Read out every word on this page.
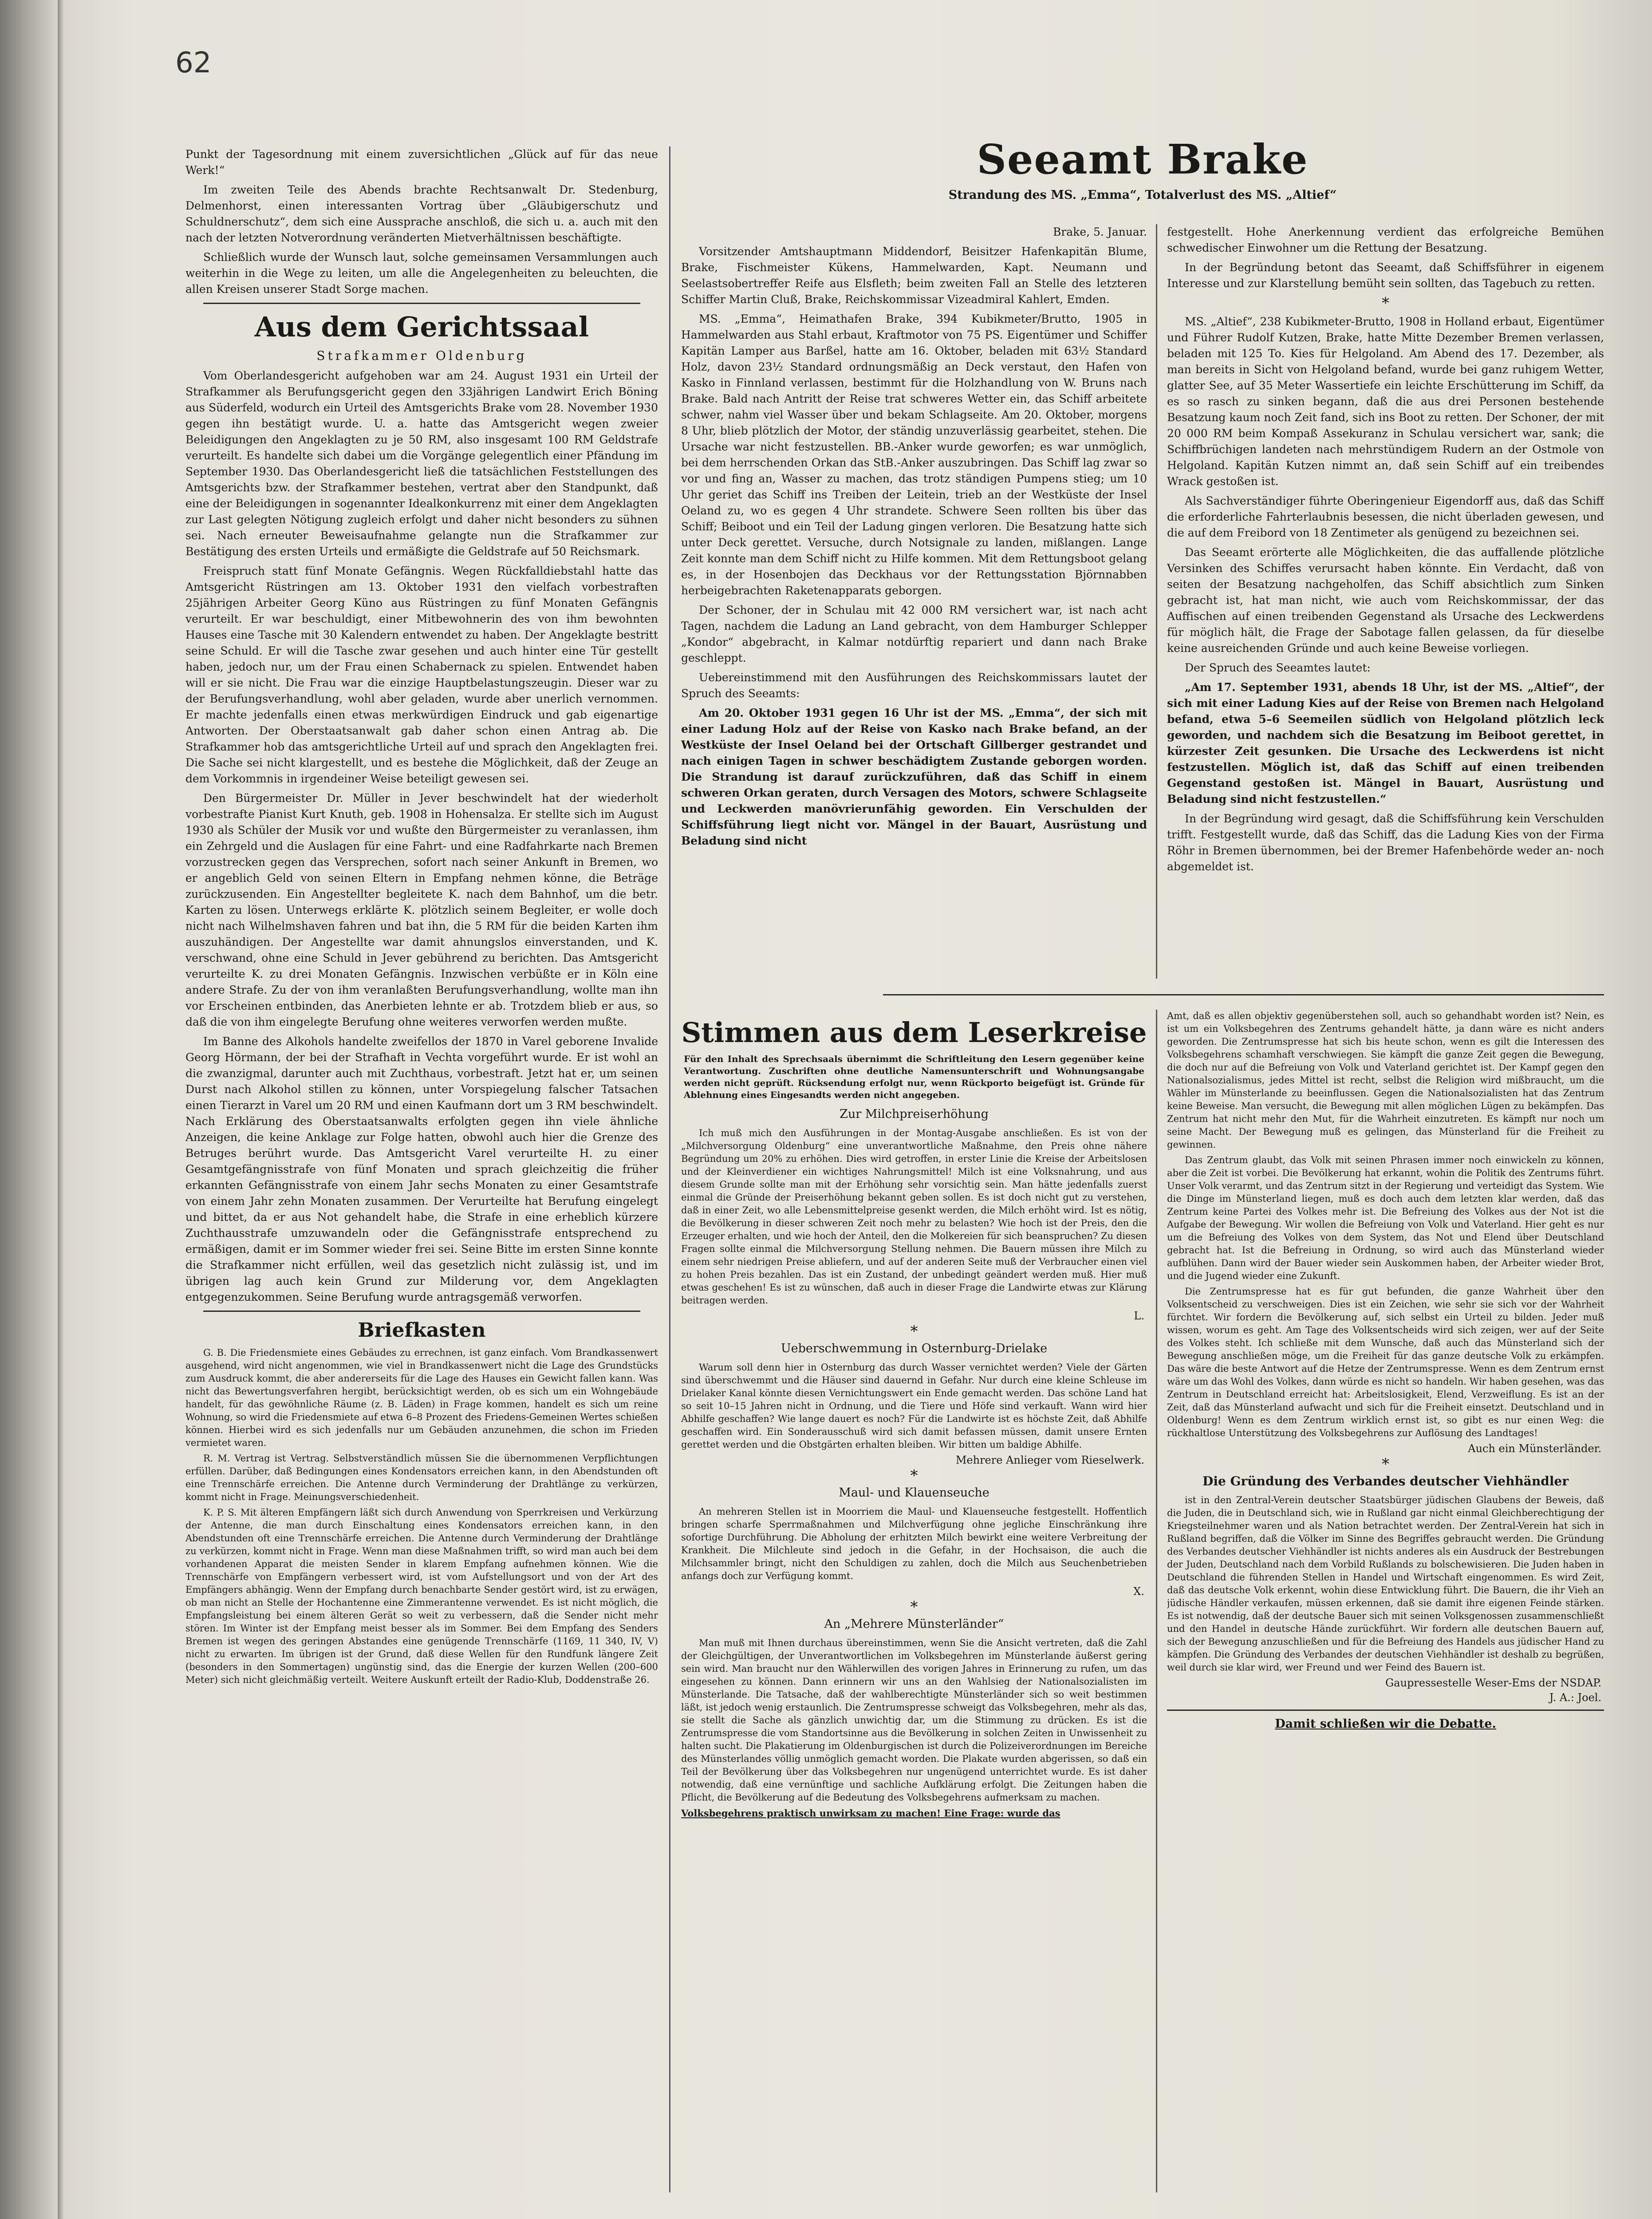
62

Punkt der Tagesordnung mit einem zuversichtlichen „Glück auf für das neue Werk!“

Im zweiten Teile des Abends brachte Rechtsanwalt Dr. Stedenburg, Delmenhorst, einen interessanten Vortrag über „Gläubigerschutz und Schuldnerschutz“, dem sich eine Aussprache anschloß, die sich u. a. auch mit den nach der letzten Notverordnung veränderten Mietverhältnissen beschäftigte.

Schließlich wurde der Wunsch laut, solche gemeinsamen Versammlungen auch weiterhin in die Wege zu leiten, um alle die Angelegenheiten zu beleuchten, die allen Kreisen unserer Stadt Sorge machen.

Aus dem Gerichtssaal
Strafkammer Oldenburg

Vom Oberlandesgericht aufgehoben war am 24. August 1931 ein Urteil der Strafkammer als Berufungsgericht gegen den 33jährigen Landwirt Erich Böning aus Süderfeld, wodurch ein Urteil des Amtsgerichts Brake vom 28. November 1930 gegen ihn bestätigt wurde. U. a. hatte das Amtsgericht wegen zweier Beleidigungen den Angeklagten zu je 50 RM, also insgesamt 100 RM Geldstrafe verurteilt. Es handelte sich dabei um die Vorgänge gelegentlich einer Pfändung im September 1930. Das Oberlandesgericht ließ die tatsächlichen Feststellungen des Amtsgerichts bzw. der Strafkammer bestehen, vertrat aber den Standpunkt, daß eine der Beleidigungen in sogenannter Idealkonkurrenz mit einer dem Angeklagten zur Last gelegten Nötigung zugleich erfolgt und daher nicht besonders zu sühnen sei. Nach erneuter Beweisaufnahme gelangte nun die Strafkammer zur Bestätigung des ersten Urteils und ermäßigte die Geldstrafe auf 50 Reichsmark.

Freispruch statt fünf Monate Gefängnis. Wegen Rückfalldiebstahl hatte das Amtsgericht Rüstringen am 13. Oktober 1931 den vielfach vorbestraften 25jährigen Arbeiter Georg Küno aus Rüstringen zu fünf Monaten Gefängnis verurteilt. Er war beschuldigt, einer Mitbewohnerin des von ihm bewohnten Hauses eine Tasche mit 30 Kalendern entwendet zu haben. Der Angeklagte bestritt seine Schuld. Er will die Tasche zwar gesehen und auch hinter eine Tür gestellt haben, jedoch nur, um der Frau einen Schabernack zu spielen. Entwendet haben will er sie nicht. Die Frau war die einzige Hauptbelastungszeugin. Dieser war zu der Berufungsverhandlung, wohl aber geladen, wurde aber unerlich vernommen. Er machte jedenfalls einen etwas merkwürdigen Eindruck und gab eigenartige Antworten. Der Oberstaatsanwalt gab daher schon einen Antrag ab. Die Strafkammer hob das amtsgerichtliche Urteil auf und sprach den Angeklagten frei. Die Sache sei nicht klargestellt, und es bestehe die Möglichkeit, daß der Zeuge an dem Vorkommnis in irgendeiner Weise beteiligt gewesen sei.

Den Bürgermeister Dr. Müller in Jever beschwindelt hat der wiederholt vorbestrafte Pianist Kurt Knuth, geb. 1908 in Hohensalza. Er stellte sich im August 1930 als Schüler der Musik vor und wußte den Bürgermeister zu veranlassen, ihm ein Zehrgeld und die Auslagen für eine Fahrt- und eine Radfahrkarte nach Bremen vorzustrecken gegen das Versprechen, sofort nach seiner Ankunft in Bremen, wo er angeblich Geld von seinen Eltern in Empfang nehmen könne, die Beträge zurückzusenden. Ein Angestellter begleitete K. nach dem Bahnhof, um die betr. Karten zu lösen. Unterwegs erklärte K. plötzlich seinem Begleiter, er wolle doch nicht nach Wilhelmshaven fahren und bat ihn, die 5 RM für die beiden Karten ihm auszuhändigen. Der Angestellte war damit ahnungslos einverstanden, und K. verschwand, ohne eine Schuld in Jever gebührend zu berichten. Das Amtsgericht verurteilte K. zu drei Monaten Gefängnis. Inzwischen verbüßte er in Köln eine andere Strafe. Zu der von ihm veranlaßten Berufungsverhandlung, wollte man ihn vor Erscheinen entbinden, das Anerbieten lehnte er ab. Trotzdem blieb er aus, so daß die von ihm eingelegte Berufung ohne weiteres verworfen werden mußte.

Im Banne des Alkohols handelte zweifellos der 1870 in Varel geborene Invalide Georg Hörmann, der bei der Strafhaft in Vechta vorgeführt wurde. Er ist wohl an die zwanzigmal, darunter auch mit Zuchthaus, vorbestraft. Jetzt hat er, um seinen Durst nach Alkohol stillen zu können, unter Vorspiegelung falscher Tatsachen einen Tierarzt in Varel um 20 RM und einen Kaufmann dort um 3 RM beschwindelt. Nach Erklärung des Oberstaatsanwalts erfolgten gegen ihn viele ähnliche Anzeigen, die keine Anklage zur Folge hatten, obwohl auch hier die Grenze des Betruges berührt wurde. Das Amtsgericht Varel verurteilte H. zu einer Gesamtgefängnisstrafe von fünf Monaten und sprach gleichzeitig die früher erkannten Gefängnisstrafe von einem Jahr sechs Monaten zu einer Gesamtstrafe von einem Jahr zehn Monaten zusammen. Der Verurteilte hat Berufung eingelegt und bittet, da er aus Not gehandelt habe, die Strafe in eine erheblich kürzere Zuchthausstrafe umzuwandeln oder die Gefängnisstrafe entsprechend zu ermäßigen, damit er im Sommer wieder frei sei. Seine Bitte im ersten Sinne konnte die Strafkammer nicht erfüllen, weil das gesetzlich nicht zulässig ist, und im übrigen lag auch kein Grund zur Milderung vor, dem Angeklagten entgegenzukommen. Seine Berufung wurde antragsgemäß verworfen.

Briefkasten

G. B. Die Friedensmiete eines Gebäudes zu errechnen, ist ganz einfach. Vom Brandkassenwert ausgehend, wird nicht angenommen, wie viel in Brandkassenwert nicht die Lage des Grundstücks zum Ausdruck kommt, die aber andererseits für die Lage des Hauses ein Gewicht fallen kann. Was nicht das Bewertungsverfahren hergibt, berücksichtigt werden, ob es sich um ein Wohngebäude handelt, für das gewöhnliche Räume (z. B. Läden) in Frage kommen, handelt es sich um reine Wohnung, so wird die Friedensmiete auf etwa 6–8 Prozent des Friedens-Gemeinen Wertes schießen können. Hierbei wird es sich jedenfalls nur um Gebäuden anzunehmen, die schon im Frieden vermietet waren.

R. M. Vertrag ist Vertrag. Selbstverständlich müssen Sie die übernommenen Verpflichtungen erfüllen. Darüber, daß Bedingungen eines Kondensators erreichen kann, in den Abendstunden oft eine Trennschärfe erreichen. Die Antenne durch Verminderung der Drahtlänge zu verkürzen, kommt nicht in Frage. Meinungsverschiedenheit.

K. P. S. Mit älteren Empfängern läßt sich durch Anwendung von Sperrkreisen und Verkürzung der Antenne, die man durch Einschaltung eines Kondensators erreichen kann, in den Abendstunden oft eine Trennschärfe erreichen. Die Antenne durch Verminderung der Drahtlänge zu verkürzen, kommt nicht in Frage. Wenn man diese Maßnahmen trifft, so wird man auch bei dem vorhandenen Apparat die meisten Sender in klarem Empfang aufnehmen können. Wie die Trennschärfe von Empfängern verbessert wird, ist vom Aufstellungsort und von der Art des Empfängers abhängig. Wenn der Empfang durch benachbarte Sender gestört wird, ist zu erwägen, ob man nicht an Stelle der Hochantenne eine Zimmerantenne verwendet. Es ist nicht möglich, die Empfangsleistung bei einem älteren Gerät so weit zu verbessern, daß die Sender nicht mehr stören. Im Winter ist der Empfang meist besser als im Sommer. Bei dem Empfang des Senders Bremen ist wegen des geringen Abstandes eine genügende Trennschärfe (1169, 11 340, IV, V) nicht zu erwarten. Im übrigen ist der Grund, daß diese Wellen für den Rundfunk längere Zeit (besonders in den Sommertagen) ungünstig sind, das die Energie der kurzen Wellen (200–600 Meter) sich nicht gleichmäßig verteilt. Weitere Auskunft erteilt der Radio-Klub, Doddenstraße 26.

Seeamt Brake
Strandung des MS. „Emma“, Totalverlust des MS. „Altief“

Brake, 5. Januar.

Vorsitzender Amtshauptmann Middendorf, Beisitzer Hafenkapitän Blume, Brake, Fischmeister Kükens, Hammelwarden, Kapt. Neumann und Seelastsobertreffer Reife aus Elsfleth; beim zweiten Fall an Stelle des letzteren Schiffer Martin Cluß, Brake, Reichskommissar Vizeadmiral Kahlert, Emden.

MS. „Emma“, Heimathafen Brake, 394 Kubikmeter/Brutto, 1905 in Hammelwarden aus Stahl erbaut, Kraftmotor von 75 PS. Eigentümer und Schiffer Kapitän Lamper aus Barßel, hatte am 16. Oktober, beladen mit 63½ Standard Holz, davon 23½ Standard ordnungsmäßig an Deck verstaut, den Hafen von Kasko in Finnland verlassen, bestimmt für die Holzhandlung von W. Bruns nach Brake. Bald nach Antritt der Reise trat schweres Wetter ein, das Schiff arbeitete schwer, nahm viel Wasser über und bekam Schlagseite. Am 20. Oktober, morgens 8 Uhr, blieb plötzlich der Motor, der ständig unzuverlässig gearbeitet, stehen. Die Ursache war nicht festzustellen. BB.-Anker wurde geworfen; es war unmöglich, bei dem herrschenden Orkan das StB.-Anker auszubringen. Das Schiff lag zwar so vor und fing an, Wasser zu machen, das trotz ständigen Pumpens stieg; um 10 Uhr geriet das Schiff ins Treiben der Leitein, trieb an der Westküste der Insel Oeland zu, wo es gegen 4 Uhr strandete. Schwere Seen rollten bis über das Schiff; Beiboot und ein Teil der Ladung gingen verloren. Die Besatzung hatte sich unter Deck gerettet. Versuche, durch Notsignale zu landen, mißlangen. Lange Zeit konnte man dem Schiff nicht zu Hilfe kommen. Mit dem Rettungsboot gelang es, in der Hosenbojen das Deckhaus vor der Rettungsstation Björnnabben herbeigebrachten Raketenapparats geborgen.

Der Schoner, der in Schulau mit 42 000 RM versichert war, ist nach acht Tagen, nachdem die Ladung an Land gebracht, von dem Hamburger Schlepper „Kondor“ abgebracht, in Kalmar notdürftig repariert und dann nach Brake geschleppt.

Uebereinstimmend mit den Ausführungen des Reichskommissars lautet der Spruch des Seeamts:

Am 20. Oktober 1931 gegen 16 Uhr ist der MS. „Emma“, der sich mit einer Ladung Holz auf der Reise von Kasko nach Brake befand, an der Westküste der Insel Oeland bei der Ortschaft Gillberger gestrandet und nach einigen Tagen in schwer beschädigtem Zustande geborgen worden. Die Strandung ist darauf zurückzuführen, daß das Schiff in einem schweren Orkan geraten, durch Versagen des Motors, schwere Schlagseite und Leckwerden manövrierunfähig geworden. Ein Verschulden der Schiffsführung liegt nicht vor. Mängel in der Bauart, Ausrüstung und Beladung sind nicht

festgestellt. Hohe Anerkennung verdient das erfolgreiche Bemühen schwedischer Einwohner um die Rettung der Besatzung.

In der Begründung betont das Seeamt, daß Schiffsführer in eigenem Interesse und zur Klarstellung bemüht sein sollten, das Tagebuch zu retten.

*

MS. „Altief“, 238 Kubikmeter-Brutto, 1908 in Holland erbaut, Eigentümer und Führer Rudolf Kutzen, Brake, hatte Mitte Dezember Bremen verlassen, beladen mit 125 To. Kies für Helgoland. Am Abend des 17. Dezember, als man bereits in Sicht von Helgoland befand, wurde bei ganz ruhigem Wetter, glatter See, auf 35 Meter Wassertiefe ein leichte Erschütterung im Schiff, da es so rasch zu sinken begann, daß die aus drei Personen bestehende Besatzung kaum noch Zeit fand, sich ins Boot zu retten. Der Schoner, der mit 20 000 RM beim Kompaß Assekuranz in Schulau versichert war, sank; die Schiffbrüchigen landeten nach mehrstündigem Rudern an der Ostmole von Helgoland. Kapitän Kutzen nimmt an, daß sein Schiff auf ein treibendes Wrack gestoßen ist.

Als Sachverständiger führte Oberingenieur Eigendorff aus, daß das Schiff die erforderliche Fahrterlaubnis besessen, die nicht überladen gewesen, und die auf dem Freibord von 18 Zentimeter als genügend zu bezeichnen sei.

Das Seeamt erörterte alle Möglichkeiten, die das auffallende plötzliche Versinken des Schiffes verursacht haben könnte. Ein Verdacht, daß von seiten der Besatzung nachgeholfen, das Schiff absichtlich zum Sinken gebracht ist, hat man nicht, wie auch vom Reichskommissar, der das Auffischen auf einen treibenden Gegenstand als Ursache des Leckwerdens für möglich hält, die Frage der Sabotage fallen gelassen, da für dieselbe keine ausreichenden Gründe und auch keine Beweise vorliegen.

Der Spruch des Seeamtes lautet:

„Am 17. September 1931, abends 18 Uhr, ist der MS. „Altief“, der sich mit einer Ladung Kies auf der Reise von Bremen nach Helgoland befand, etwa 5–6 Seemeilen südlich von Helgoland plötzlich leck geworden, und nachdem sich die Besatzung im Beiboot gerettet, in kürzester Zeit gesunken. Die Ursache des Leckwerdens ist nicht festzustellen. Möglich ist, daß das Schiff auf einen treibenden Gegenstand gestoßen ist. Mängel in Bauart, Ausrüstung und Beladung sind nicht festzustellen.“

In der Begründung wird gesagt, daß die Schiffsführung kein Verschulden trifft. Festgestellt wurde, daß das Schiff, das die Ladung Kies von der Firma Röhr in Bremen übernommen, bei der Bremer Hafenbehörde weder an- noch abgemeldet ist.

Stimmen aus dem Leserkreise
Für den Inhalt des Sprechsaals übernimmt die Schriftleitung den Lesern gegenüber keine Verantwortung. Zuschriften ohne deutliche Namensunterschrift und Wohnungsangabe werden nicht geprüft. Rücksendung erfolgt nur, wenn Rückporto beigefügt ist. Gründe für Ablehnung eines Eingesandts werden nicht angegeben.
Zur Milchpreiserhöhung

Ich muß mich den Ausführungen in der Montag-Ausgabe anschließen. Es ist von der „Milchversorgung Oldenburg“ eine unverantwortliche Maßnahme, den Preis ohne nähere Begründung um 20% zu erhöhen. Dies wird getroffen, in erster Linie die Kreise der Arbeitslosen und der Kleinverdiener ein wichtiges Nahrungsmittel! Milch ist eine Volksnahrung, und aus diesem Grunde sollte man mit der Erhöhung sehr vorsichtig sein. Man hätte jedenfalls zuerst einmal die Gründe der Preiserhöhung bekannt geben sollen. Es ist doch nicht gut zu verstehen, daß in einer Zeit, wo alle Lebensmittelpreise gesenkt werden, die Milch erhöht wird. Ist es nötig, die Bevölkerung in dieser schweren Zeit noch mehr zu belasten? Wie hoch ist der Preis, den die Erzeuger erhalten, und wie hoch der Anteil, den die Molkereien für sich beanspruchen? Zu diesen Fragen sollte einmal die Milchversorgung Stellung nehmen. Die Bauern müssen ihre Milch zu einem sehr niedrigen Preise abliefern, und auf der anderen Seite muß der Verbraucher einen viel zu hohen Preis bezahlen. Das ist ein Zustand, der unbedingt geändert werden muß. Hier muß etwas geschehen! Es ist zu wünschen, daß auch in dieser Frage die Landwirte etwas zur Klärung beitragen werden.

L.
*
Ueberschwemmung in Osternburg-Drielake

Warum soll denn hier in Osternburg das durch Wasser vernichtet werden? Viele der Gärten sind überschwemmt und die Häuser sind dauernd in Gefahr. Nur durch eine kleine Schleuse im Drielaker Kanal könnte diesen Vernichtungswert ein Ende gemacht werden. Das schöne Land hat so seit 10–15 Jahren nicht in Ordnung, und die Tiere und Höfe sind verkauft. Wann wird hier Abhilfe geschaffen? Wie lange dauert es noch? Für die Landwirte ist es höchste Zeit, daß Abhilfe geschaffen wird. Ein Sonderausschuß wird sich damit befassen müssen, damit unsere Ernten gerettet werden und die Obstgärten erhalten bleiben. Wir bitten um baldige Abhilfe.

Mehrere Anlieger vom Rieselwerk.
*
Maul- und Klauenseuche

An mehreren Stellen ist in Moorriem die Maul- und Klauenseuche festgestellt. Hoffentlich bringen scharfe Sperrmaßnahmen und Milchverfügung ohne jegliche Einschränkung ihre sofortige Durchführung. Die Abholung der erhitzten Milch bewirkt eine weitere Verbreitung der Krankheit. Die Milchleute sind jedoch in die Gefahr, in der Hochsaison, die auch die Milchsammler bringt, nicht den Schuldigen zu zahlen, doch die Milch aus Seuchenbetrieben anfangs doch zur Verfügung kommt.

X.
*
An „Mehrere Münsterländer“

Man muß mit Ihnen durchaus übereinstimmen, wenn Sie die Ansicht vertreten, daß die Zahl der Gleichgültigen, der Unverantwortlichen im Volksbegehren im Münsterlande äußerst gering sein wird. Man braucht nur den Wählerwillen des vorigen Jahres in Erinnerung zu rufen, um das eingesehen zu können. Dann erinnern wir uns an den Wahlsieg der Nationalsozialisten im Münsterlande. Die Tatsache, daß der wahlberechtigte Münsterländer sich so weit bestimmen läßt, ist jedoch wenig erstaunlich. Die Zentrumspresse schweigt das Volksbegehren, mehr als das, sie stellt die Sache als gänzlich unwichtig dar, um die Stimmung zu drücken. Es ist die Zentrumspresse die vom Standortsinne aus die Bevölkerung in solchen Zeiten in Unwissenheit zu halten sucht. Die Plakatierung im Oldenburgischen ist durch die Polizeiverordnungen im Bereiche des Münsterlandes völlig unmöglich gemacht worden. Die Plakate wurden abgerissen, so daß ein Teil der Bevölkerung über das Volksbegehren nur ungenügend unterrichtet wurde. Es ist daher notwendig, daß eine vernünftige und sachliche Aufklärung erfolgt. Die Zeitungen haben die Pflicht, die Bevölkerung auf die Bedeutung des Volksbegehrens aufmerksam zu machen.

Volksbegehrens praktisch unwirksam zu machen! Eine Frage: wurde das

Amt, daß es allen objektiv gegenüberstehen soll, auch so gehandhabt worden ist? Nein, es ist um ein Volksbegehren des Zentrums gehandelt hätte, ja dann wäre es nicht anders geworden. Die Zentrumspresse hat sich bis heute schon, wenn es gilt die Interessen des Volksbegehrens schamhaft verschwiegen. Sie kämpft die ganze Zeit gegen die Bewegung, die doch nur auf die Befreiung von Volk und Vaterland gerichtet ist. Der Kampf gegen den Nationalsozialismus, jedes Mittel ist recht, selbst die Religion wird mißbraucht, um die Wähler im Münsterlande zu beeinflussen. Gegen die Nationalsozialisten hat das Zentrum keine Beweise. Man versucht, die Bewegung mit allen möglichen Lügen zu bekämpfen. Das Zentrum hat nicht mehr den Mut, für die Wahrheit einzutreten. Es kämpft nur noch um seine Macht. Der Bewegung muß es gelingen, das Münsterland für die Freiheit zu gewinnen.

Das Zentrum glaubt, das Volk mit seinen Phrasen immer noch einwickeln zu können, aber die Zeit ist vorbei. Die Bevölkerung hat erkannt, wohin die Politik des Zentrums führt. Unser Volk verarmt, und das Zentrum sitzt in der Regierung und verteidigt das System. Wie die Dinge im Münsterland liegen, muß es doch auch dem letzten klar werden, daß das Zentrum keine Partei des Volkes mehr ist. Die Befreiung des Volkes aus der Not ist die Aufgabe der Bewegung. Wir wollen die Befreiung von Volk und Vaterland. Hier geht es nur um die Befreiung des Volkes von dem System, das Not und Elend über Deutschland gebracht hat. Ist die Befreiung in Ordnung, so wird auch das Münsterland wieder aufblühen. Dann wird der Bauer wieder sein Auskommen haben, der Arbeiter wieder Brot, und die Jugend wieder eine Zukunft.

Die Zentrumspresse hat es für gut befunden, die ganze Wahrheit über den Volksentscheid zu verschweigen. Dies ist ein Zeichen, wie sehr sie sich vor der Wahrheit fürchtet. Wir fordern die Bevölkerung auf, sich selbst ein Urteil zu bilden. Jeder muß wissen, worum es geht. Am Tage des Volksentscheids wird sich zeigen, wer auf der Seite des Volkes steht. Ich schließe mit dem Wunsche, daß auch das Münsterland sich der Bewegung anschließen möge, um die Freiheit für das ganze deutsche Volk zu erkämpfen. Das wäre die beste Antwort auf die Hetze der Zentrumspresse. Wenn es dem Zentrum ernst wäre um das Wohl des Volkes, dann würde es nicht so handeln. Wir haben gesehen, was das Zentrum in Deutschland erreicht hat: Arbeitslosigkeit, Elend, Verzweiflung. Es ist an der Zeit, daß das Münsterland aufwacht und sich für die Freiheit einsetzt. Deutschland und in Oldenburg! Wenn es dem Zentrum wirklich ernst ist, so gibt es nur einen Weg: die rückhaltlose Unterstützung des Volksbegehrens zur Auflösung des Landtages!

Auch ein Münsterländer.
*
Die Gründung des Verbandes deutscher Viehhändler

ist in den Zentral-Verein deutscher Staatsbürger jüdischen Glaubens der Beweis, daß die Juden, die in Deutschland sich, wie in Rußland gar nicht einmal Gleichberechtigung der Kriegsteilnehmer waren und als Nation betrachtet werden. Der Zentral-Verein hat sich in Rußland begriffen, daß die Völker im Sinne des Begriffes gebraucht werden. Die Gründung des Verbandes deutscher Viehhändler ist nichts anderes als ein Ausdruck der Bestrebungen der Juden, Deutschland nach dem Vorbild Rußlands zu bolschewisieren. Die Juden haben in Deutschland die führenden Stellen in Handel und Wirtschaft eingenommen. Es wird Zeit, daß das deutsche Volk erkennt, wohin diese Entwicklung führt. Die Bauern, die ihr Vieh an jüdische Händler verkaufen, müssen erkennen, daß sie damit ihre eigenen Feinde stärken. Es ist notwendig, daß der deutsche Bauer sich mit seinen Volksgenossen zusammenschließt und den Handel in deutsche Hände zurückführt. Wir fordern alle deutschen Bauern auf, sich der Bewegung anzuschließen und für die Befreiung des Handels aus jüdischer Hand zu kämpfen. Die Gründung des Verbandes der deutschen Viehhändler ist deshalb zu begrüßen, weil durch sie klar wird, wer Freund und wer Feind des Bauern ist.

Gaupressestelle Weser-Ems der NSDAP.
J. A.: Joel.
Damit schließen wir die Debatte.
